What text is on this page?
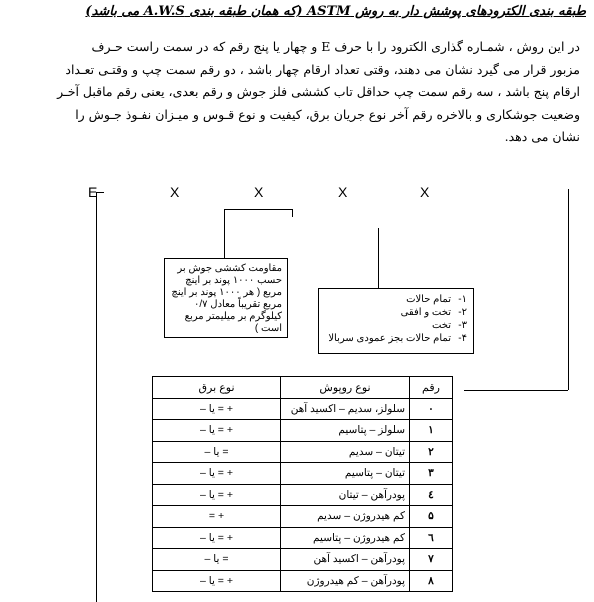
طبقه بندی الکترودهای پوشش دار به روش ASTM (که همان طبقه بندی A.W.S می باشد)

در این روش ، شمـاره گذاری الکترود را با حرف E و چهار یا پنج رقم که در سمت راست حـرف

مزبور قرار می گیرد نشان می دهند، وقتی تعداد ارقام چهار باشد ، دو رقم سمت چپ و وقتـی تعـداد

ارقام پنج باشد ، سه رقم سمت چپ حداقل تاب کششی فلز جوش و رقم بعدی، یعنی رقم ماقبل آخـر

وضعیت جوشکاری و بالاخره رقم آخر نوع جریان برق، کیفیت و نوع قـوس و میـزان نفـوذ جـوش را

نشان می دهد.

E	X	X	X	X
مقاومت کششی جوش بر حسب ۱۰۰۰ پوند بر اینچ مربع ( هر ۱۰۰۰ پوند بر اینچ مربع تقریباً معادل ۰/۷ کیلوگرم بر میلیمتر مربع است )
۱-تمام حالات
۲-تخت و افقی
۳-تخت
۴-تمام حالات بجز عمودی سربالا
رقم	نوع روپوش	نوع برق
۰	سلولز، سدیم – اکسید آهن	+ = یا –
۱	سلولز – پتاسیم	+ = یا –
۲	تیتان – سدیم	= یا –
۳	تیتان – پتاسیم	+ = یا –
٤	پودرآهن – تیتان	+ = یا –
۵	کم هیدروژن – سدیم	+ =
٦	کم هیدروژن – پتاسیم	+ = یا –
۷	پودرآهن – اکسید آهن	= یا –
۸	پودرآهن – کم هیدروژن	+ = یا –
